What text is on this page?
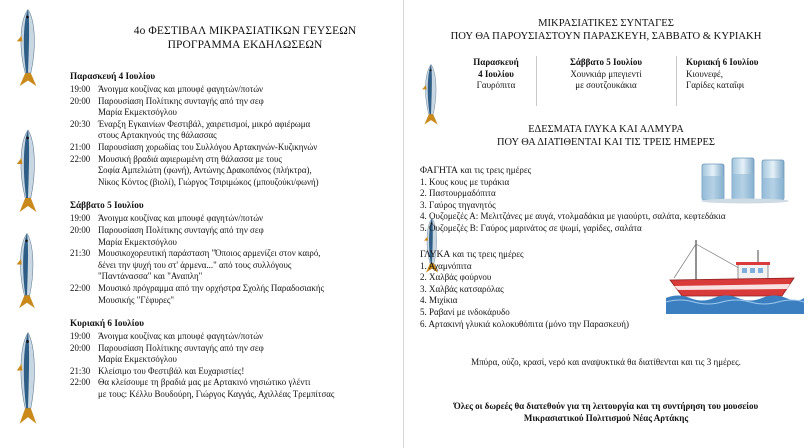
4ο ΦΕΣΤΙΒΑΛ ΜΙΚΡΑΣΙΑΤΙΚΩΝ ΓΕΥΣΕΩΝ
ΠΡΟΓΡΑΜΜΑ ΕΚΔΗΛΩΣΕΩΝ
Παρασκευή 4 Ιουλίου
19:00 Άνοιγμα κουζίνας και μπουφέ φαγητών/ποτών
20:00 Παρουσίαση Πολίτικης συνταγής από την σεφ
Μαρία Εκμεκτσόγλου
20:30 Έναρξη Εγκαινίων Φεστιβάλ, χαιρετισμοί, μικρό αφιέρωμα
στους Αρτακηνούς της θάλασσας
21:00 Παρουσίαση χορωδίας του Συλλόγου Αρτακηνών-Κυζικηνών
22:00 Μουσική βραδιά αφιερωμένη στη θάλασσα με τους
Σοφία Αμπελιώτη (φωνή), Αντώνης Δρακοπάνος (πλήκτρα),
Νίκος Κόντος (βιολί), Γιώργος Τσιριμώκος (μπουζούκι/φωνή)
Σάββατο 5 Ιουλίου
19:00 Άνοιγμα κουζίνας και μπουφέ φαγητών/ποτών
20:00 Παρουσίαση Πολίτικης συνταγής από την σεφ
Μαρία Εκμεκτσόγλου
21:30 Μουσικοχορευτική παράσταση "Όποιος αρμενίζει στον καιρό,
δένει την ψυχή του στ' άρμενα..." από τους συλλόγους
"Παντάνασσα" και "Αναπλη"
22:00 Μουσικό πρόγραμμα από την ορχήστρα Σχολής Παραδοσιακής
Μουσικής "Γέφυρες"
Κυριακή 6 Ιουλίου
19:00 Άνοιγμα κουζίνας και μπουφέ φαγητών/ποτών
20:00 Παρουσίαση Πολίτικης συνταγής από την σεφ
Μαρία Εκμεκτσόγλου
21:30 Κλείσιμο του Φεστιβάλ και Ευχαριστίες!
22:00 Θα κλείσουμε τη βραδιά μας με Αρτακινό νησιώτικο γλέντι
με τους: Κέλλυ Βουδούρη, Γιώργος Καγγάς, Αχιλλέας Τρεμπίτσας
ΜΙΚΡΑΣΙΑΤΙΚΕΣ ΣΥΝΤΑΓΕΣ
ΠΟΥ ΘΑ ΠΑΡΟΥΣΙΑΣΤΟΥΝ ΠΑΡΑΣΚΕΥΗ, ΣΑΒΒΑΤΟ & ΚΥΡΙΑΚΗ
Παρασκευή
4 Ιουλίου
Γαυρόπιτα
Σάββατο 5 Ιουλίου
Χουνκιάρ μπεγιεντί
με σουτζουκάκια
Κυριακή 6 Ιουλίου
Κιουνεφέ,
Γαρίδες καταΐφι
ΕΔΕΣΜΑΤΑ ΓΛΥΚΑ ΚΑΙ ΑΛΜΥΡΑ
ΠΟΥ ΘΑ ΔΙΑΤΙΘΕΝΤΑΙ ΚΑΙ ΤΙΣ ΤΡΕΙΣ ΗΜΕΡΕΣ
ΦΑΓΗΤΑ και τις τρεις ημέρες
1. Κους κους με τυράκια
2. Παστουρμαδόπιτα
3. Γαύρος τηγανητός
4. Ουζομεζές Α: Μελιτζάνες με αυγά, ντολμαδάκια με γιαούρτι, σαλάτα, κεφτεδάκια
5. Ουζομεζές Β: Γαύρος μαρινάτος σε ψωμί, γαρίδες, σαλάτα
ΓΛΥΚΑ και τις τρεις ημέρες
1. Αχαμνόπιτα
2. Χαλβάς φούρνου
3. Χαλβάς κατσαρόλας
4. Μιχίκια
5. Ραβανί με ινδοκάρυδο
6. Αρτακινή γλυκιά κολοκυθόπιτα (μόνο την Παρασκευή)
Μπύρα, ούζο, κρασί, νερό και αναψυκτικά θα διατίθενται και τις 3 ημέρες.
Όλες οι δωρεές θα διατεθούν για τη λειτουργία και τη συντήρηση του μουσείου
Μικρασιατικού Πολιτισμού Νέας Αρτάκης
